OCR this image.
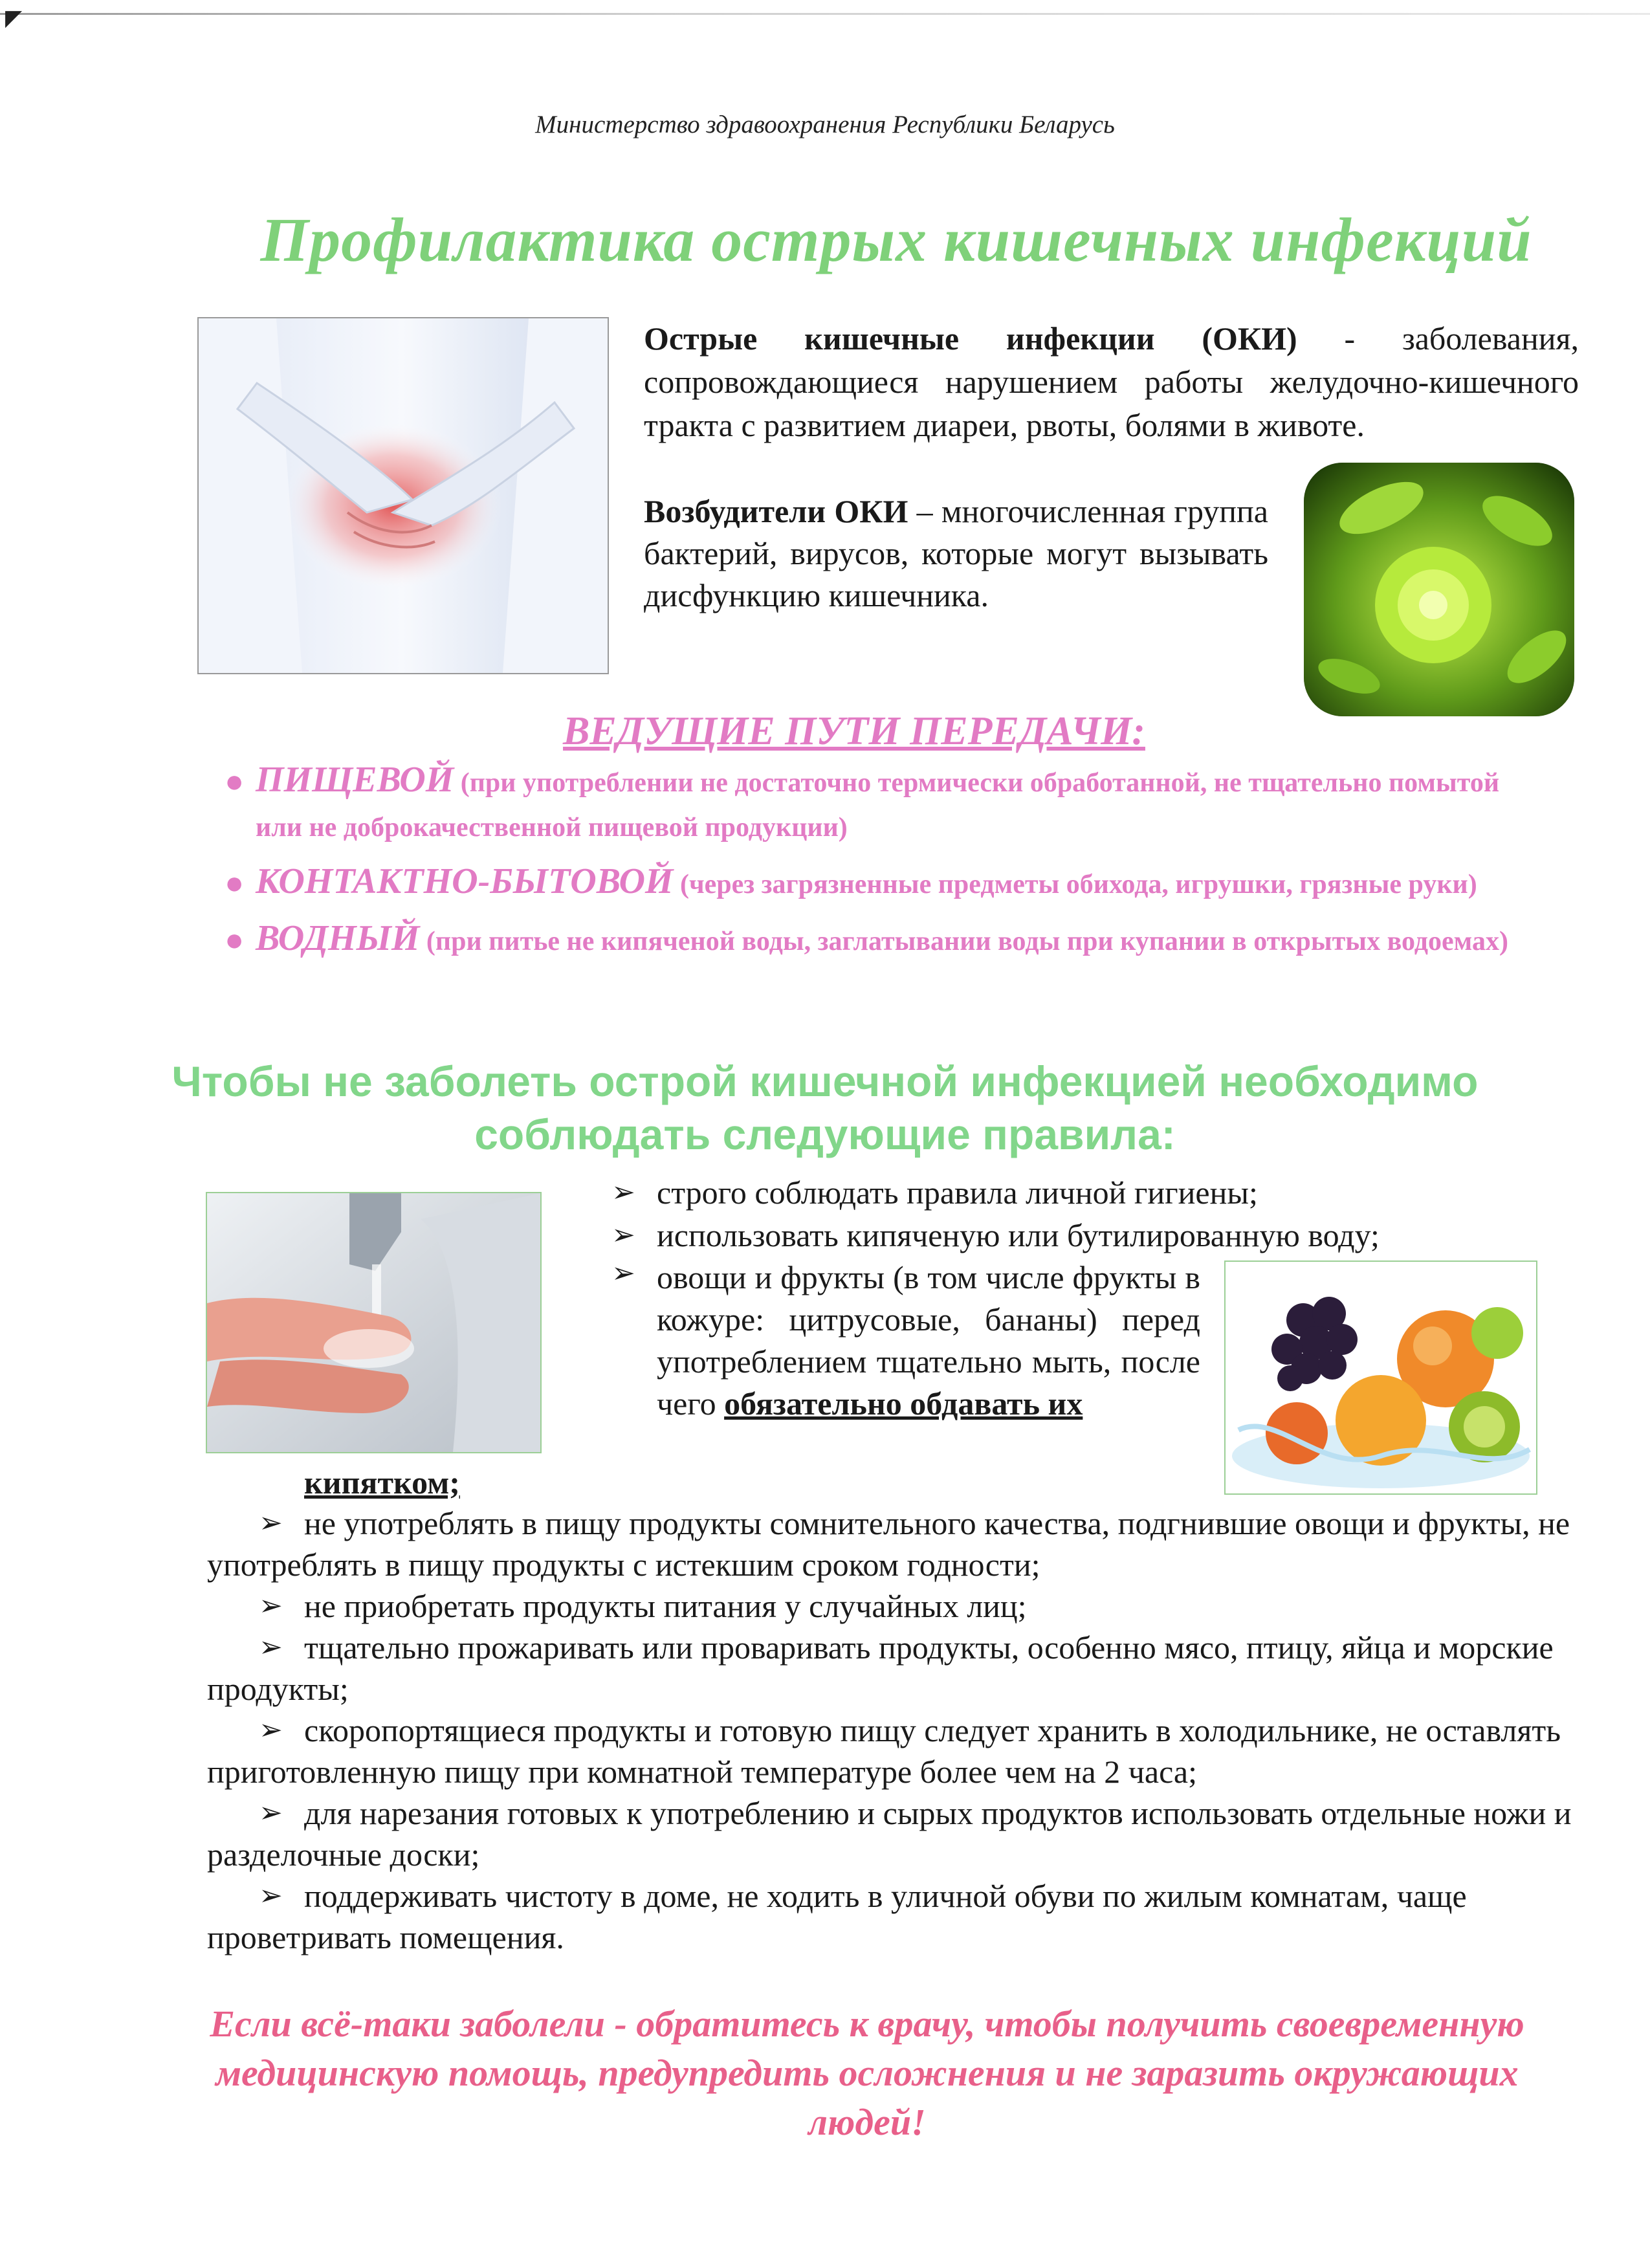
◤
Министерство здравоохранения Республики Беларусь
Профилактика острых кишечных инфекций
Острые кишечные инфекции (ОКИ) - заболевания, сопровождающиеся нарушением работы желудочно-кишечного тракта с развитием диареи, рвоты, болями в животе.
Возбудители ОКИ – многочисленная группа бактерий, вирусов, которые могут вызывать дисфункцию кишечника.
ВЕДУЩИЕ ПУТИ ПЕРЕДАЧИ:
● ПИЩЕВОЙ (при употреблении не достаточно термически обработанной, не тщательно помытой или не доброкачественной пищевой продукции)
● КОНТАКТНО-БЫТОВОЙ (через загрязненные предметы обихода, игрушки, грязные руки)
● ВОДНЫЙ (при питье не кипяченой воды, заглатывании воды при купании в открытых водоемах)
Чтобы не заболеть острой кишечной инфекцией необходимо
соблюдать следующие правила:
➢ строго соблюдать правила личной гигиены;
➢ использовать кипяченую или бутилированную воду;
➢ овощи и фрукты (в том числе фрукты в кожуре: цитрусовые, бананы) перед употреблением тщательно мыть, после чего обязательно обдавать их
кипятком;
➢ не употреблять в пищу продукты сомнительного качества, подгнившие овощи и фрукты, не употреблять в пищу продукты с истекшим сроком годности;
➢ не приобретать продукты питания у случайных лиц;
➢ тщательно прожаривать или проваривать продукты, особенно мясо, птицу, яйца и морские продукты;
➢ скоропортящиеся продукты и готовую пищу следует хранить в холодильнике, не оставлять приготовленную пищу при комнатной температуре более чем на 2 часа;
➢ для нарезания готовых к употреблению и сырых продуктов использовать отдельные ножи и разделочные доски;
➢ поддерживать чистоту в доме, не ходить в уличной обуви по жилым комнатам, чаще проветривать помещения.
Если всё-таки заболели - обратитесь к врачу, чтобы получить своевременную медицинскую помощь, предупредить осложнения и не заразить окружающих людей!
